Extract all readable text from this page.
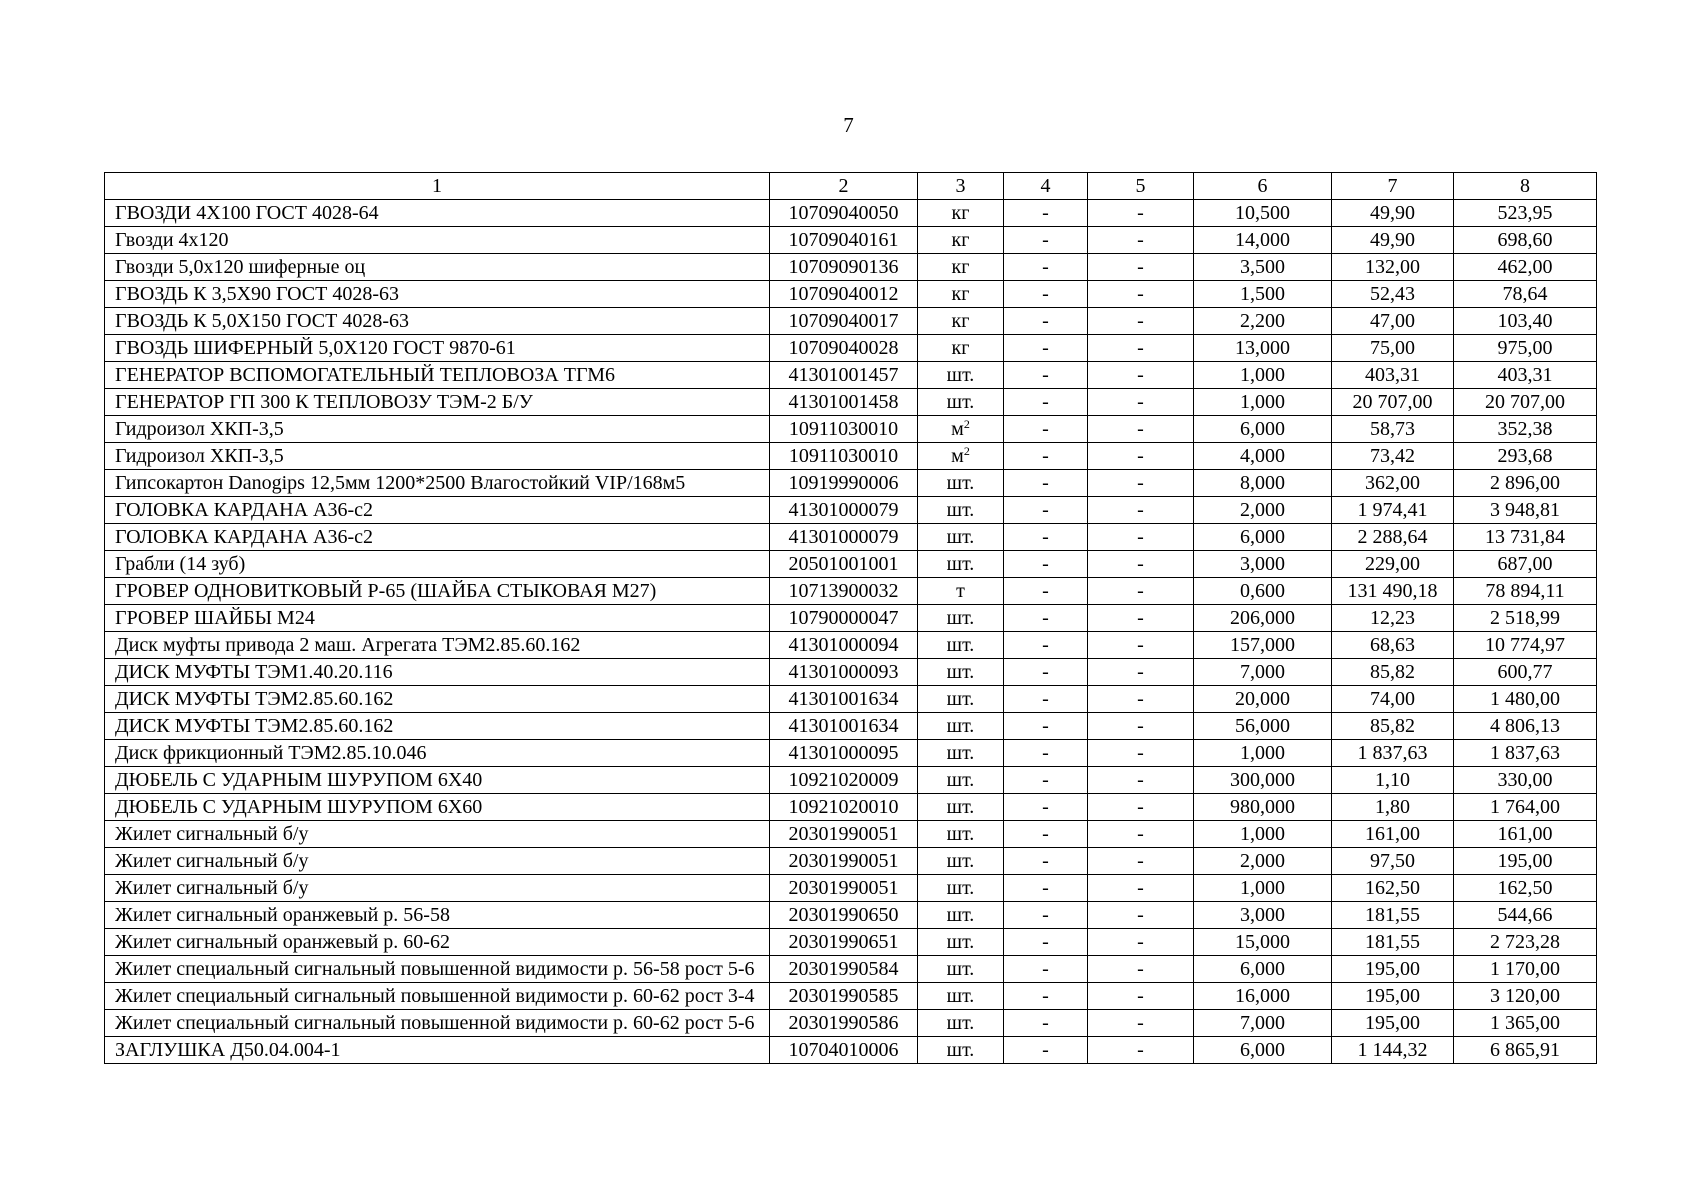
7
1	2	3	4	5	6	7	8
ГВОЗДИ 4Х100 ГОСТ 4028-64	10709040050	кг	-	-	10,500	49,90	523,95
Гвозди 4х120	10709040161	кг	-	-	14,000	49,90	698,60
Гвозди 5,0х120 шиферные оц	10709090136	кг	-	-	3,500	132,00	462,00
ГВОЗДЬ К 3,5Х90 ГОСТ 4028-63	10709040012	кг	-	-	1,500	52,43	78,64
ГВОЗДЬ К 5,0Х150 ГОСТ 4028-63	10709040017	кг	-	-	2,200	47,00	103,40
ГВОЗДЬ ШИФЕРНЫЙ 5,0Х120 ГОСТ 9870-61	10709040028	кг	-	-	13,000	75,00	975,00
ГЕНЕРАТОР ВСПОМОГАТЕЛЬНЫЙ ТЕПЛОВОЗА ТГМ6	41301001457	шт.	-	-	1,000	403,31	403,31
ГЕНЕРАТОР ГП 300 К ТЕПЛОВОЗУ ТЭМ-2 Б/У	41301001458	шт.	-	-	1,000	20 707,00	20 707,00
Гидроизол ХКП-3,5	10911030010	$м^2$	-	-	6,000	58,73	352,38
Гидроизол ХКП-3,5	10911030010	$м^2$	-	-	4,000	73,42	293,68
Гипсокартон Danogips 12,5мм 1200*2500 Влагостойкий VIP/168м5	10919990006	шт.	-	-	8,000	362,00	2 896,00
ГОЛОВКА КАРДАНА А36-с2	41301000079	шт.	-	-	2,000	1 974,41	3 948,81
ГОЛОВКА КАРДАНА А36-с2	41301000079	шт.	-	-	6,000	2 288,64	13 731,84
Грабли (14 зуб)	20501001001	шт.	-	-	3,000	229,00	687,00
ГРОВЕР ОДНОВИТКОВЫЙ Р-65 (ШАЙБА СТЫКОВАЯ М27)	10713900032	т	-	-	0,600	131 490,18	78 894,11
ГРОВЕР ШАЙБЫ М24	10790000047	шт.	-	-	206,000	12,23	2 518,99
Диск муфты привода 2 маш. Агрегата ТЭМ2.85.60.162	41301000094	шт.	-	-	157,000	68,63	10 774,97
ДИСК МУФТЫ ТЭМ1.40.20.116	41301000093	шт.	-	-	7,000	85,82	600,77
ДИСК МУФТЫ ТЭМ2.85.60.162	41301001634	шт.	-	-	20,000	74,00	1 480,00
ДИСК МУФТЫ ТЭМ2.85.60.162	41301001634	шт.	-	-	56,000	85,82	4 806,13
Диск фрикционный ТЭМ2.85.10.046	41301000095	шт.	-	-	1,000	1 837,63	1 837,63
ДЮБЕЛЬ С УДАРНЫМ ШУРУПОМ 6Х40	10921020009	шт.	-	-	300,000	1,10	330,00
ДЮБЕЛЬ С УДАРНЫМ ШУРУПОМ 6Х60	10921020010	шт.	-	-	980,000	1,80	1 764,00
Жилет сигнальный б/у	20301990051	шт.	-	-	1,000	161,00	161,00
Жилет сигнальный б/у	20301990051	шт.	-	-	2,000	97,50	195,00
Жилет сигнальный б/у	20301990051	шт.	-	-	1,000	162,50	162,50
Жилет сигнальный оранжевый р. 56-58	20301990650	шт.	-	-	3,000	181,55	544,66
Жилет сигнальный оранжевый р. 60-62	20301990651	шт.	-	-	15,000	181,55	2 723,28
Жилет специальный сигнальный повышенной видимости р. 56-58 рост 5-6	20301990584	шт.	-	-	6,000	195,00	1 170,00
Жилет специальный сигнальный повышенной видимости р. 60-62 рост 3-4	20301990585	шт.	-	-	16,000	195,00	3 120,00
Жилет специальный сигнальный повышенной видимости р. 60-62 рост 5-6	20301990586	шт.	-	-	7,000	195,00	1 365,00
ЗАГЛУШКА Д50.04.004-1	10704010006	шт.	-	-	6,000	1 144,32	6 865,91
